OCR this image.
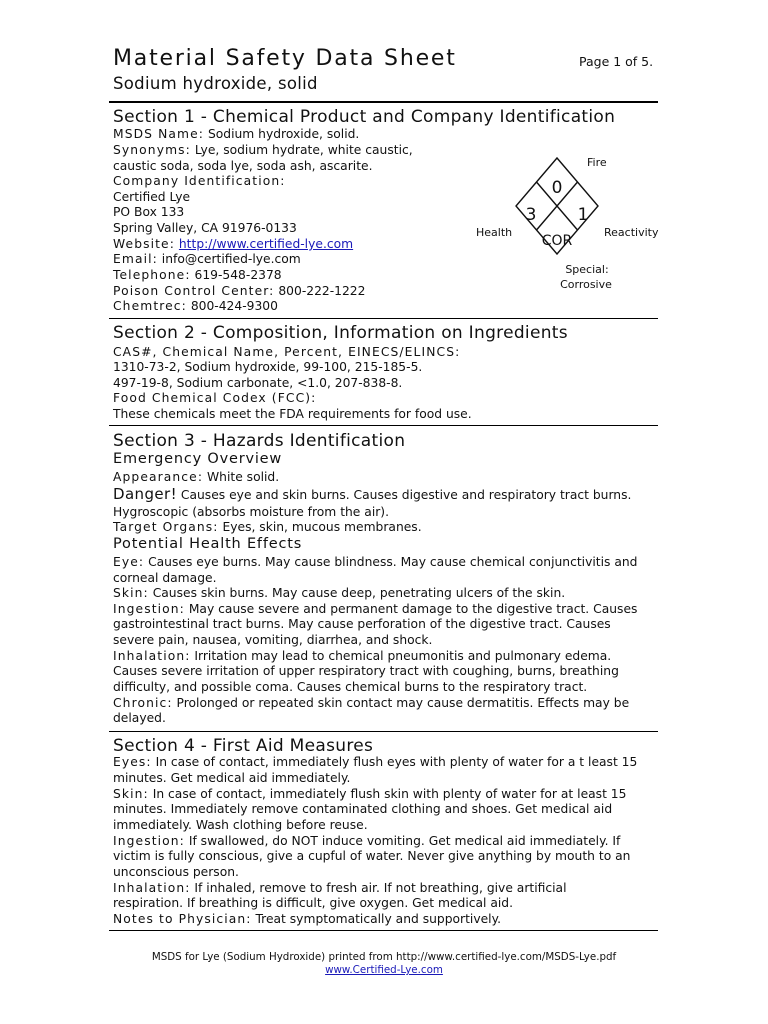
Material Safety Data Sheet	Page 1 of 5.
Sodium hydroxide, solid
Section 1 - Chemical Product and Company Identification
MSDS Name: Sodium hydroxide, solid.
Synonyms: Lye, sodium hydrate, white caustic,
caustic soda, soda lye, soda ash, ascarite.
Company Identification:
Certified Lye
PO Box 133
Spring Valley, CA 91976-0133
Website: http://www.certified-lye.com
Email: info@certified-lye.com
Telephone: 619-548-2378
Poison Control Center: 800-222-1222
Chemtrec: 800-424-9300
Fire
0
3 1
COR
Health	Reactivity
Special:
Corrosive
Section 2 - Composition, Information on Ingredients
CAS#, Chemical Name, Percent, EINECS/ELINCS:
1310-73-2, Sodium hydroxide, 99-100, 215-185-5.
497-19-8, Sodium carbonate, <1.0, 207-838-8.
Food Chemical Codex (FCC):
These chemicals meet the FDA requirements for food use.
Section 3 - Hazards Identification
Emergency Overview
Appearance: White solid.
Danger! Causes eye and skin burns. Causes digestive and respiratory tract burns.
Hygroscopic (absorbs moisture from the air).
Target Organs: Eyes, skin, mucous membranes.
Potential Health Effects
Eye: Causes eye burns. May cause blindness. May cause chemical conjunctivitis and
corneal damage.
Skin: Causes skin burns. May cause deep, penetrating ulcers of the skin.
Ingestion: May cause severe and permanent damage to the digestive tract. Causes
gastrointestinal tract burns. May cause perforation of the digestive tract. Causes
severe pain, nausea, vomiting, diarrhea, and shock.
Inhalation: Irritation may lead to chemical pneumonitis and pulmonary edema.
Causes severe irritation of upper respiratory tract with coughing, burns, breathing
difficulty, and possible coma. Causes chemical burns to the respiratory tract.
Chronic: Prolonged or repeated skin contact may cause dermatitis. Effects may be
delayed.
Section 4 - First Aid Measures
Eyes: In case of contact, immediately flush eyes with plenty of water for a t least 15
minutes. Get medical aid immediately.
Skin: In case of contact, immediately flush skin with plenty of water for at least 15
minutes. Immediately remove contaminated clothing and shoes. Get medical aid
immediately. Wash clothing before reuse.
Ingestion: If swallowed, do NOT induce vomiting. Get medical aid immediately. If
victim is fully conscious, give a cupful of water. Never give anything by mouth to an
unconscious person.
Inhalation: If inhaled, remove to fresh air. If not breathing, give artificial
respiration. If breathing is difficult, give oxygen. Get medical aid.
Notes to Physician: Treat symptomatically and supportively.
MSDS for Lye (Sodium Hydroxide) printed from http://www.certified-lye.com/MSDS-Lye.pdf
www.Certified-Lye.com
